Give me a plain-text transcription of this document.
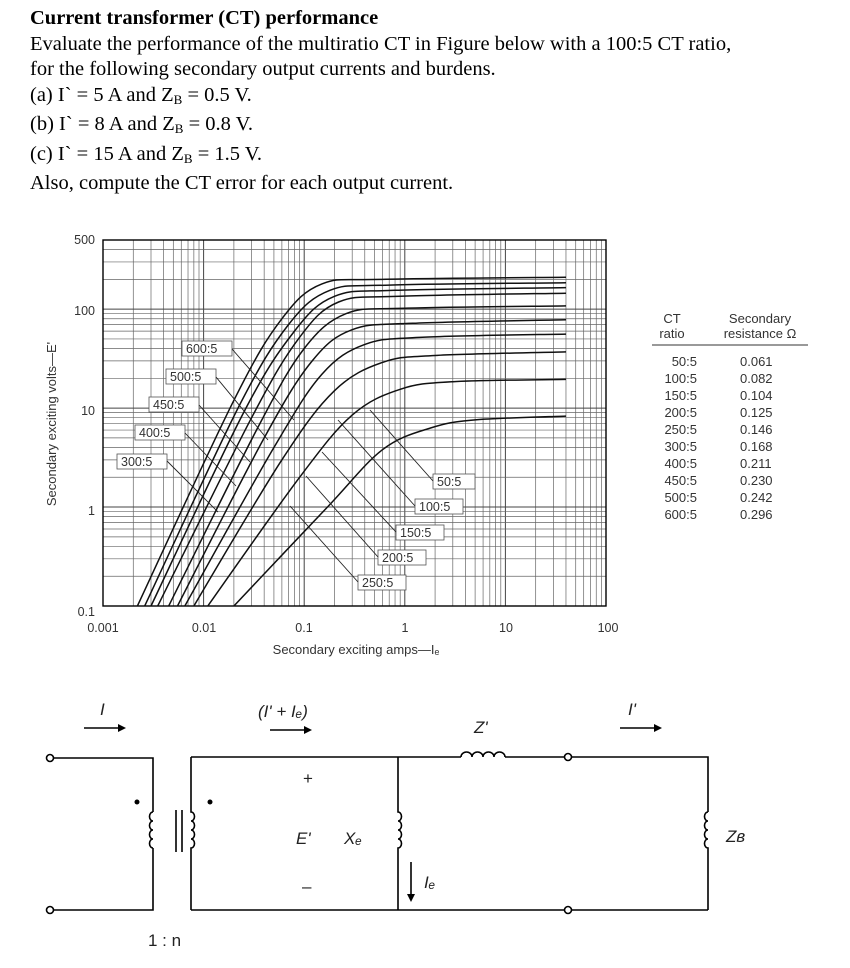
Current transformer (CT) performance
Evaluate the performance of the multiratio CT in Figure below with a 100:5 CT ratio,
for the following secondary output currents and burdens.
(a) I` = 5 A and $Z_B = 0.5$ V.
(b) I` = 8 A and $Z_B = 0.8$ V.
(c) I` = 15 A and $Z_B = 1.5$ V.
Also, compute the CT error for each output current.
500
100
10
1
0.1
0.001	0.01	0.1	1	10	100
Secondary exciting amps—Iₑ
Secondary exciting volts—E'	600:5
500:5
450:5
400:5
300:5
50:5
100:5
150:5
200:5
250:5
CT
ratio
Secondary
resistance Ω
50:5	0.061
100:5	0.082
150:5	0.104
200:5	0.125
250:5	0.146
300:5	0.168
400:5	0.211
450:5	0.230
500:5	0.242
600:5	0.296
I	(I' + Iₑ)
Z'
I'
+
E' Xₑ
–	Iₑ
Zʙ
1 : n
